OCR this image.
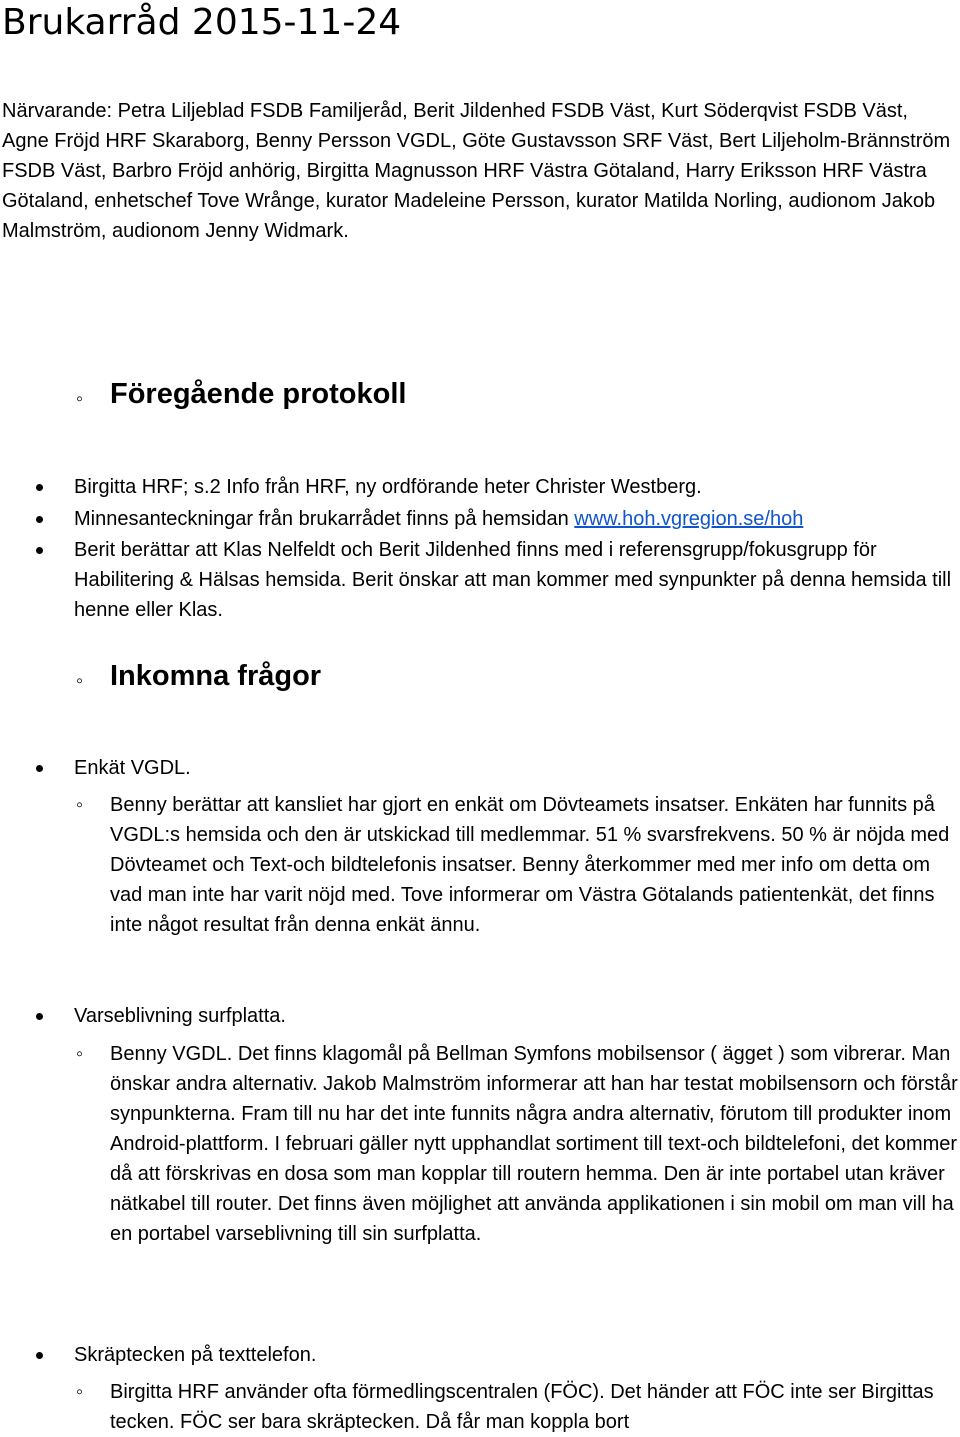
Brukarråd 2015-11-24

Närvarande: Petra Liljeblad FSDB Familjeråd, Berit Jildenhed FSDB Väst, Kurt Söderqvist FSDB Väst, Agne Fröjd HRF Skaraborg, Benny Persson VGDL, Göte Gustavsson SRF Väst, Bert Liljeholm-Brännström FSDB Väst, Barbro Fröjd anhörig, Birgitta Magnusson HRF Västra Götaland, Harry Eriksson HRF Västra Götaland, enhetschef Tove Wrånge, kurator Madeleine Persson, kurator Matilda Norling, audionom Jakob Malmström, audionom Jenny Widmark.

◦ Föregående protokoll
Birgitta HRF; s.2 Info från HRF, ny ordförande heter Christer Westberg.
Minnesanteckningar från brukarrådet finns på hemsidan www.hoh.vgregion.se/hoh
Berit berättar att Klas Nelfeldt och Berit Jildenhed finns med i referensgrupp/fokusgrupp för Habilitering & Hälsas hemsida. Berit önskar att man kommer med synpunkter på denna hemsida till henne eller Klas.
◦ Inkomna frågor
Enkät VGDL.
◦ Benny berättar att kansliet har gjort en enkät om Dövteamets insatser. Enkäten har funnits på VGDL:s hemsida och den är utskickad till medlemmar. 51 % svarsfrekvens. 50 % är nöjda med Dövteamet och Text-och bildtelefonis insatser. Benny återkommer med mer info om detta om vad man inte har varit nöjd med. Tove informerar om Västra Götalands patientenkät, det finns inte något resultat från denna enkät ännu.
Varseblivning surfplatta.
◦ Benny VGDL. Det finns klagomål på Bellman Symfons mobilsensor ( ägget ) som vibrerar. Man önskar andra alternativ. Jakob Malmström informerar att han har testat mobilsensorn och förstår synpunkterna. Fram till nu har det inte funnits några andra alternativ, förutom till produkter inom Android-plattform. I februari gäller nytt upphandlat sortiment till text-och bildtelefoni, det kommer då att förskrivas en dosa som man kopplar till routern hemma. Den är inte portabel utan kräver nätkabel till router. Det finns även möjlighet att använda applikationen i sin mobil om man vill ha en portabel varseblivning till sin surfplatta.
Skräptecken på texttelefon.
◦ Birgitta HRF använder ofta förmedlingscentralen (FÖC). Det händer att FÖC inte ser Birgittas tecken. FÖC ser bara skräptecken. Då får man koppla bort
